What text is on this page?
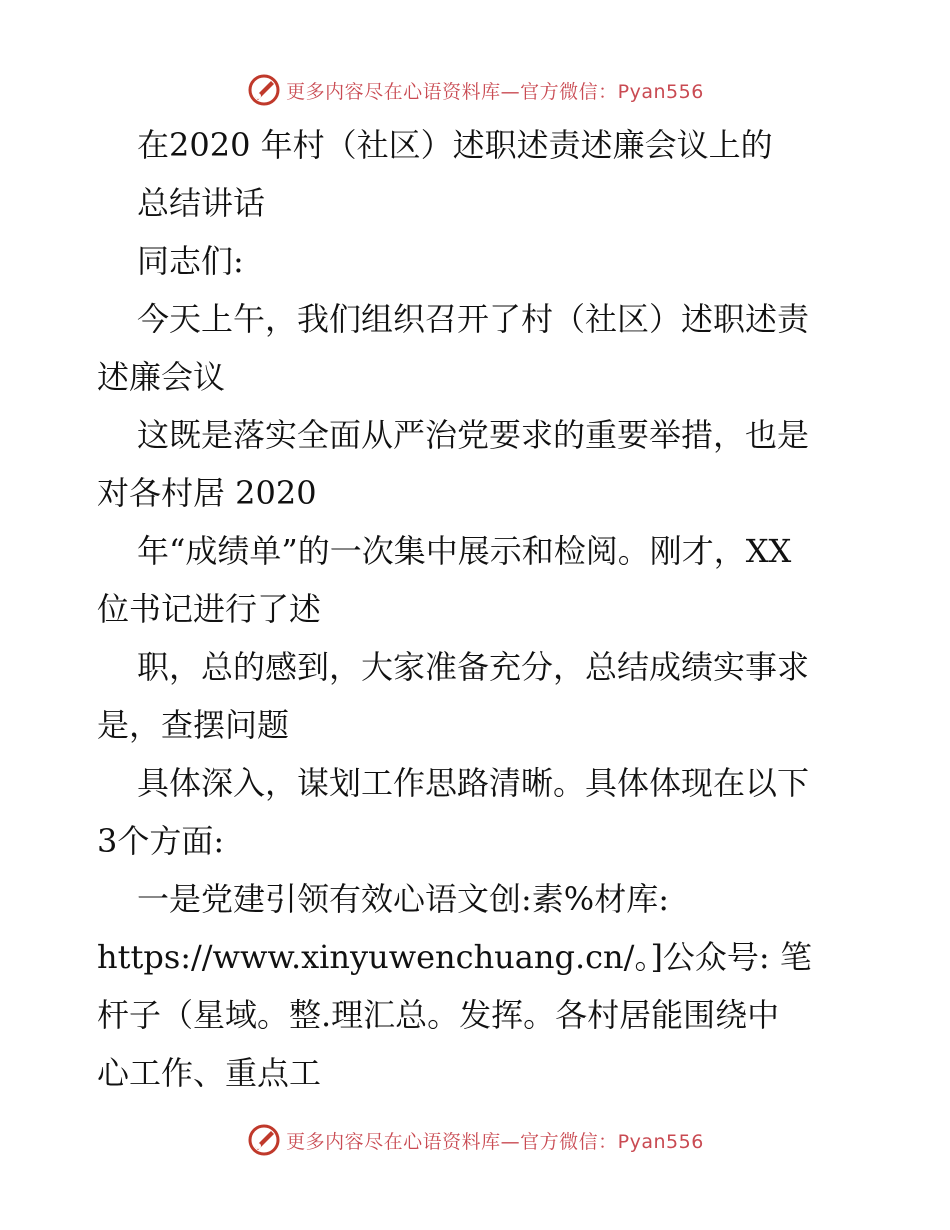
更多内容尽在心语资料库—官方微信：Pyan556
在2020 年村（社区）述职述责述廉会议上的
总结讲话
同志们:
今天上午，我们组织召开了村（社区）述职述责
述廉会议
这既是落实全面从严治党要求的重要举措，也是
对各村居 2020
年“成绩单”的一次集中展示和检阅。刚才，XX
位书记进行了述
职，总的感到，大家准备充分，总结成绩实事求
是，查摆问题
具体深入，谋划工作思路清晰。具体体现在以下
3个方面:
一是党建引领有效心语文创:素%材库:
https://www.xinyuwenchuang.cn/。]公众号: 笔
杆子（星域。整.理汇总。发挥。各村居能围绕中
心工作、重点工
更多内容尽在心语资料库—官方微信：Pyan556
